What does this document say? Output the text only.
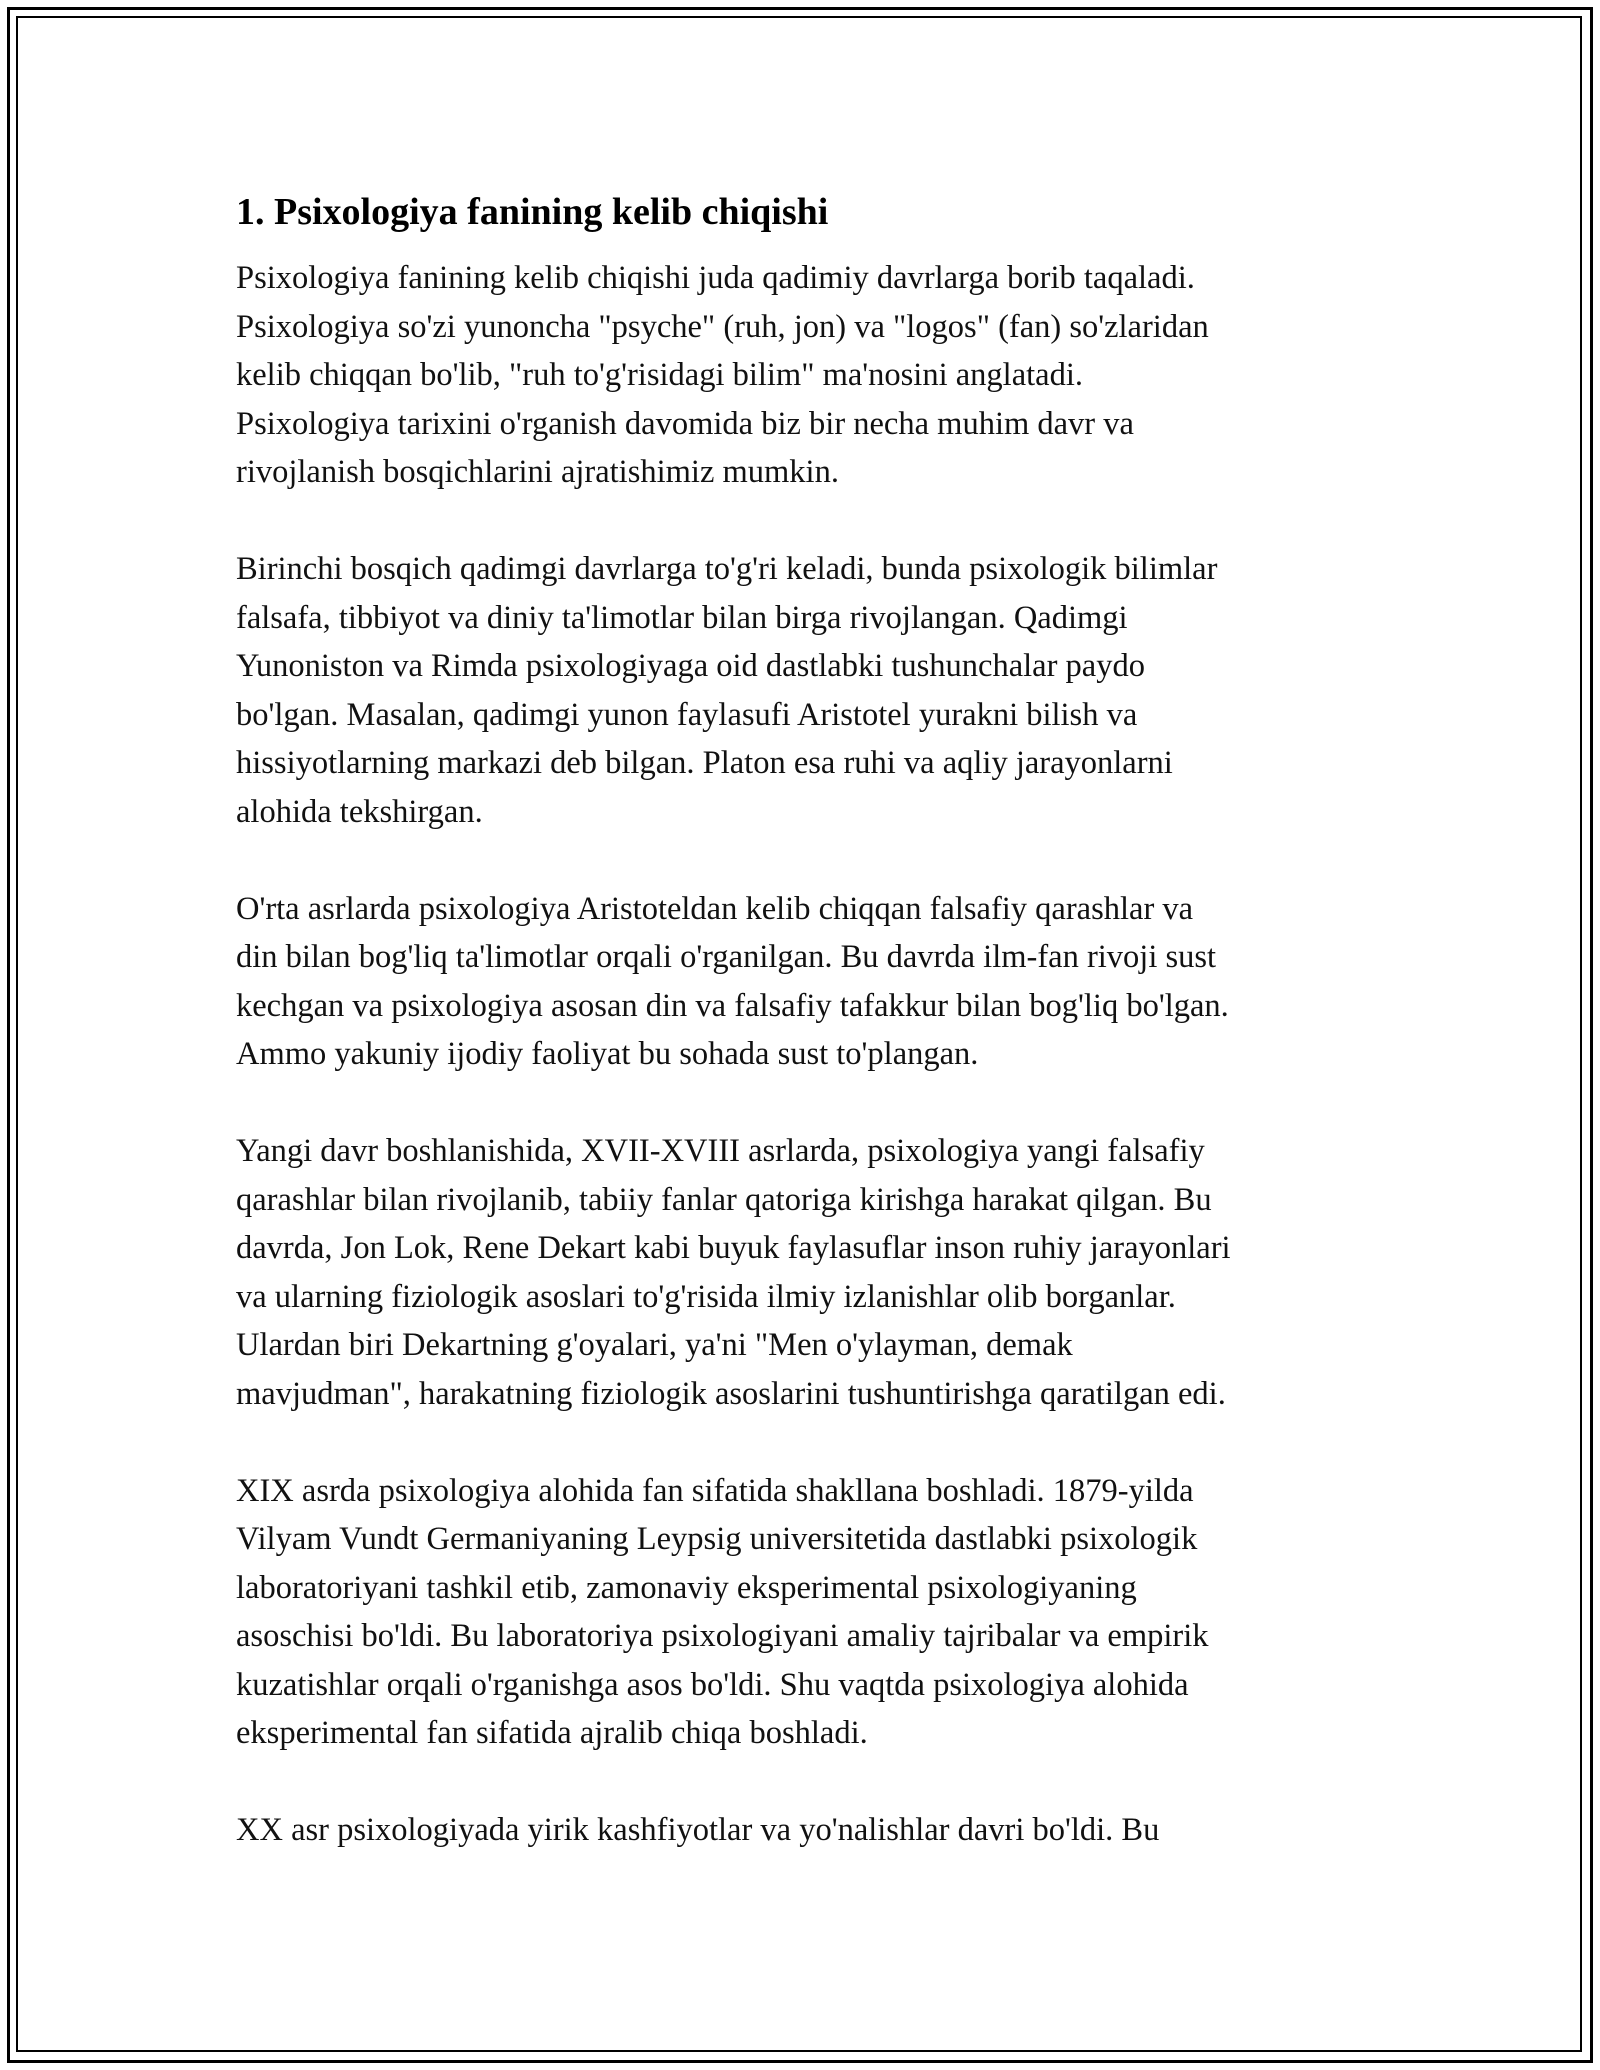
1. Psixologiya fanining kelib chiqishi

Psixologiya fanining kelib chiqishi juda qadimiy davrlarga borib taqaladi.
Psixologiya so'zi yunoncha "psyche" (ruh, jon) va "logos" (fan) so'zlaridan
kelib chiqqan bo'lib, "ruh to'g'risidagi bilim" ma'nosini anglatadi.
Psixologiya tarixini o'rganish davomida biz bir necha muhim davr va
rivojlanish bosqichlarini ajratishimiz mumkin.

Birinchi bosqich qadimgi davrlarga to'g'ri keladi, bunda psixologik bilimlar
falsafa, tibbiyot va diniy ta'limotlar bilan birga rivojlangan. Qadimgi
Yunoniston va Rimda psixologiyaga oid dastlabki tushunchalar paydo
bo'lgan. Masalan, qadimgi yunon faylasufi Aristotel yurakni bilish va
hissiyotlarning markazi deb bilgan. Platon esa ruhi va aqliy jarayonlarni
alohida tekshirgan.

O'rta asrlarda psixologiya Aristoteldan kelib chiqqan falsafiy qarashlar va
din bilan bog'liq ta'limotlar orqali o'rganilgan. Bu davrda ilm-fan rivoji sust
kechgan va psixologiya asosan din va falsafiy tafakkur bilan bog'liq bo'lgan.
Ammo yakuniy ijodiy faoliyat bu sohada sust to'plangan.

Yangi davr boshlanishida, XVII-XVIII asrlarda, psixologiya yangi falsafiy
qarashlar bilan rivojlanib, tabiiy fanlar qatoriga kirishga harakat qilgan. Bu
davrda, Jon Lok, Rene Dekart kabi buyuk faylasuflar inson ruhiy jarayonlari
va ularning fiziologik asoslari to'g'risida ilmiy izlanishlar olib borganlar.
Ulardan biri Dekartning g'oyalari, ya'ni "Men o'ylayman, demak
mavjudman", harakatning fiziologik asoslarini tushuntirishga qaratilgan edi.

XIX asrda psixologiya alohida fan sifatida shakllana boshladi. 1879-yilda
Vilyam Vundt Germaniyaning Leypsig universitetida dastlabki psixologik
laboratoriyani tashkil etib, zamonaviy eksperimental psixologiyaning
asoschisi bo'ldi. Bu laboratoriya psixologiyani amaliy tajribalar va empirik
kuzatishlar orqali o'rganishga asos bo'ldi. Shu vaqtda psixologiya alohida
eksperimental fan sifatida ajralib chiqa boshladi.

XX asr psixologiyada yirik kashfiyotlar va yo'nalishlar davri bo'ldi. Bu
